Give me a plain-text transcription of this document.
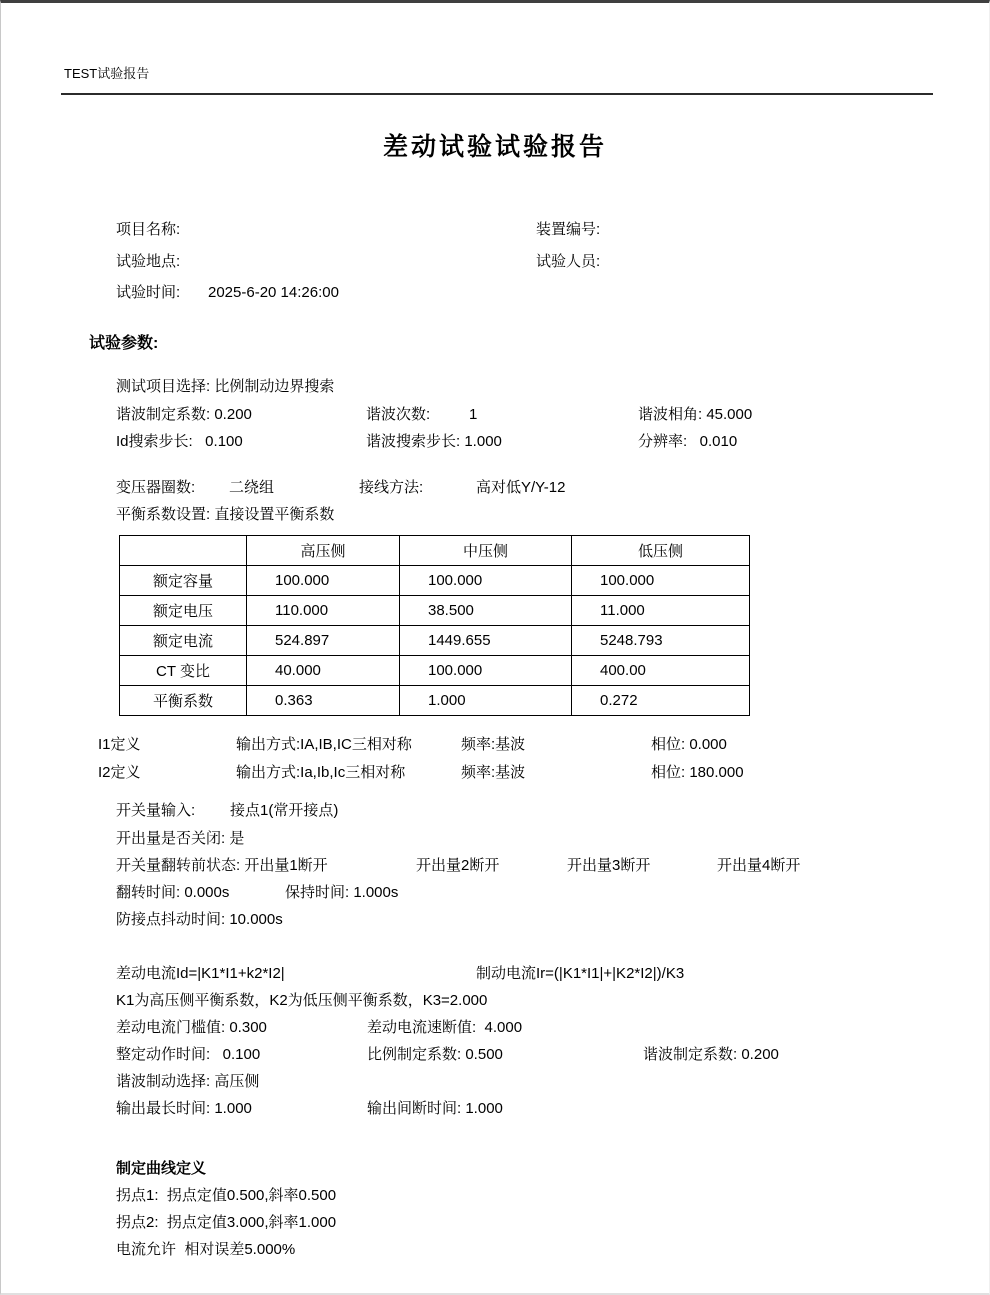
TEST试验报告
差动试验试验报告
项目名称:	装置编号:
试验地点:	试验人员:
试验时间: 2025-6-20 14:26:00
试验参数:
测试项目选择: 比例制动边界搜索
谐波制定系数: 0.200	谐波次数:	1	谐波相角: 45.000
Id搜索步长:   0.100	谐波搜索步长: 1.000	分辨率:   0.010
变压器圈数: 二绕组	接线方法:	高对低Y/Y-12
平衡系数设置: 直接设置平衡系数
	高压侧	中压侧	低压侧
额定容量	100.000	100.000	100.000
额定电压	110.000	38.500	11.000
额定电流	524.897	1449.655	5248.793
CT 变比	40.000	100.000	400.00
平衡系数	0.363	1.000	0.272
I1定义	输出方式:IA,IB,IC三相对称	频率:基波	相位: 0.000
I2定义	输出方式:Ia,Ib,Ic三相对称	频率:基波	相位: 180.000
开关量输入: 接点1(常开接点)
开出量是否关闭: 是
开关量翻转前状态: 开出量1断开	开出量2断开	开出量3断开	开出量4断开
翻转时间: 0.000s	保持时间: 1.000s
防接点抖动时间: 10.000s
差动电流Id=|K1*I1+k2*I2|	制动电流Ir=(|K1*I1|+|K2*I2|)/K3
K1为高压侧平衡系数，K2为低压侧平衡系数，K3=2.000
差动电流门槛值: 0.300	差动电流速断值:  4.000
整定动作时间:   0.100	比例制定系数: 0.500	谐波制定系数: 0.200
谐波制动选择: 高压侧
输出最长时间: 1.000	输出间断时间: 1.000
制定曲线定义
拐点1:  拐点定值0.500,斜率0.500
拐点2:  拐点定值3.000,斜率1.000
电流允许  相对误差5.000%
